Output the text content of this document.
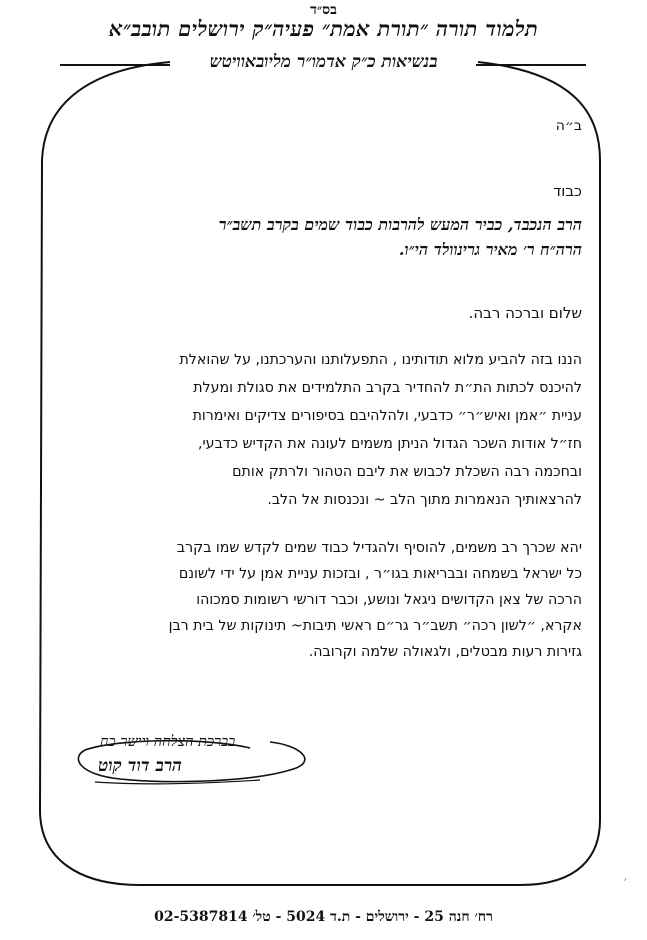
בס״ד
תלמוד תורה ״תורת אמת״ פעיה״ק ירושלים תובב״א
בנשיאות כ״ק אדמו״ר מליובאוויטש
ב״ה
כבוד
הרב הנכבד, כביר המעש להרבות כבוד שמים בקרב תשב״ר
הרה״ח ר׳ מאיר גרינוולד הי״ו.
שלום וברכה רבה.
הננו בזה להביע מלוא תודותינו , התפעלותנו והערכתנו, על שהואלת
להיכנס לכתות הת״ת להחדיר בקרב התלמידים את סגולת ומעלת
עניית ״אמן ואיש״ר״ כדבעי, ולהלהיבם בסיפורים צדיקים ואימרות
חז״ל אודות השכר הגדול הניתן משמים לעונה את הקדיש כדבעי,
ובחכמה רבה השכלת לכבוש את ליבם הטהור ולרתק אותם
להרצאותיך הנאמרות מתוך הלב ~ ונכנסות אל הלב.
יהא שכרך רב משמים, להוסיף ולהגדיל כבוד שמים לקדש שמו בקרב
כל ישראל בשמחה ובבריאות בגו״ר , ובזכות עניית אמן על ידי לשונם
הרכה של צאן הקדושים ניגאל ונושע, וכבר דורשי רשומות סמכוהו
אקרא, ״לשון רכה״ תשב״ר גר״ם ראשי תיבות~ תינוקות של בית רבן
גזירות רעות מבטלים, ולגאולה שלמה וקרובה.
בברכת הצלחה ויישר כח
הרב דוד קוט
׳
רח׳ חנה 25 - ירושלים - ת.ד 5024 - טל׳ 02-5387814
